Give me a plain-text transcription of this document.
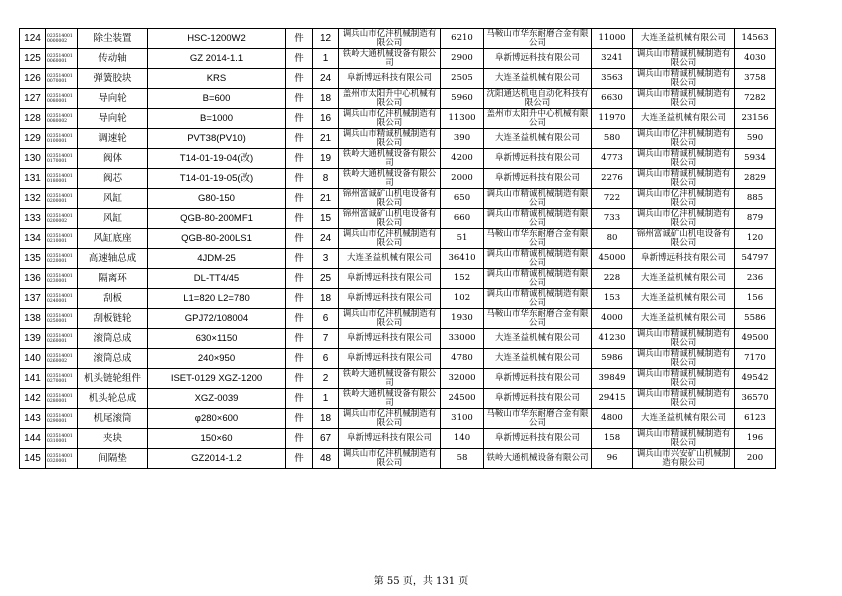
124	023514001 0000002	除尘装置	HSC-1200W2	件	12	调兵山市亿沣机械制造有限公司	6210	马鞍山市华东耐磨合金有限公司	11000	大连圣益机械有限公司	14563
125	023514001 0060001	传动轴	GZ 2014-1.1	件	1	铁岭大通机械设备有限公司	2900	阜新博远科技有限公司	3241	调兵山市精诚机械制造有限公司	4030
126	023514001 0070001	弹簧胶块	KRS	件	24	阜新博远科技有限公司	2505	大连圣益机械有限公司	3563	调兵山市精诚机械制造有限公司	3758
127	023514001 0080001	导向轮	B=600	件	18	盖州市太阳升中心机械有限公司	5960	沈阳通达机电自动化科技有限公司	6630	调兵山市精诚机械制造有限公司	7282
128	023514001 0080002	导向轮	B=1000	件	16	调兵山市亿沣机械制造有限公司	11300	盖州市太阳升中心机械有限公司	11970	大连圣益机械有限公司	23156
129	023514001 0100001	调速轮	PVT38(PV10)	件	21	调兵山市精诚机械制造有限公司	390	大连圣益机械有限公司	580	调兵山市亿沣机械制造有限公司	590
130	023514001 0170001	阀体	T14-01-19-04(改)	件	19	铁岭大通机械设备有限公司	4200	阜新博远科技有限公司	4773	调兵山市精诚机械制造有限公司	5934
131	023514001 0180001	阀芯	T14-01-19-05(改)	件	8	铁岭大通机械设备有限公司	2000	阜新博远科技有限公司	2276	调兵山市精诚机械制造有限公司	2829
132	023514001 0200001	风缸	G80-150	件	21	锦州富诚矿山机电设备有限公司	650	调兵山市精诚机械制造有限公司	722	调兵山市亿沣机械制造有限公司	885
133	023514001 0200002	风缸	QGB-80-200MF1	件	15	锦州富诚矿山机电设备有限公司	660	调兵山市精诚机械制造有限公司	733	调兵山市亿沣机械制造有限公司	879
134	023514001 0210001	风缸底座	QGB-80-200LS1	件	24	调兵山市亿沣机械制造有限公司	51	马鞍山市华东耐磨合金有限公司	80	锦州富诚矿山机电设备有限公司	120
135	023514001 0220001	高速轴总成	4JDM-25	件	3	大连圣益机械有限公司	36410	调兵山市精诚机械制造有限公司	45000	阜新博远科技有限公司	54797
136	023514001 0230001	隔离环	DL-TT4/45	件	25	阜新博远科技有限公司	152	调兵山市精诚机械制造有限公司	228	大连圣益机械有限公司	236
137	023514001 0240001	刮板	L1=820 L2=780	件	18	阜新博远科技有限公司	102	调兵山市精诚机械制造有限公司	153	大连圣益机械有限公司	156
138	023514001 0250001	刮板链轮	GPJ72/108004	件	6	调兵山市亿沣机械制造有限公司	1930	马鞍山市华东耐磨合金有限公司	4000	大连圣益机械有限公司	5586
139	023514001 0260001	滚筒总成	630×1150	件	7	阜新博远科技有限公司	33000	大连圣益机械有限公司	41230	调兵山市精诚机械制造有限公司	49500
140	023514001 0260002	滚筒总成	240×950	件	6	阜新博远科技有限公司	4780	大连圣益机械有限公司	5986	调兵山市精诚机械制造有限公司	7170
141	023514001 0270001	机头链轮组件	ISET-0129 XGZ-1200	件	2	铁岭大通机械设备有限公司	32000	阜新博远科技有限公司	39849	调兵山市精诚机械制造有限公司	49542
142	023514001 0280001	机头轮总成	XGZ-0039	件	1	铁岭大通机械设备有限公司	24500	阜新博远科技有限公司	29415	调兵山市精诚机械制造有限公司	36570
143	023514001 0290001	机尾滚筒	φ280×600	件	18	调兵山市亿沣机械制造有限公司	3100	马鞍山市华东耐磨合金有限公司	4800	大连圣益机械有限公司	6123
144	023514001 0310001	夹块	150×60	件	67	阜新博远科技有限公司	140	阜新博远科技有限公司	158	调兵山市精诚机械制造有限公司	196
145	023514001 0320001	间隔垫	GZ2014-1.2	件	48	调兵山市亿沣机械制造有限公司	58	铁岭大通机械设备有限公司	96	调兵山市兴安矿山机械制造有限公司	200
第 55 页，共 131 页
